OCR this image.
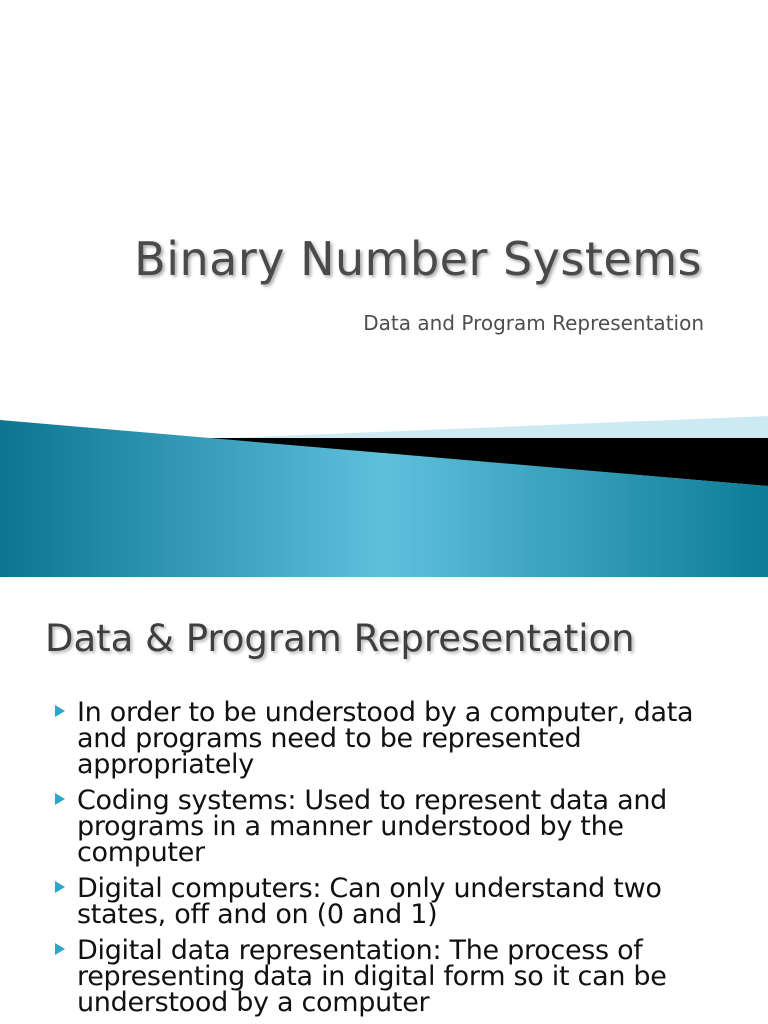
Binary Number Systems

Data and Program Representation

Data & Program Representation
In order to be understood by a computer, data and programs need to be represented appropriately
Coding systems: Used to represent data and programs in a manner understood by the computer
Digital computers: Can only understand two states, off and on (0 and 1)
Digital data representation: The process of representing data in digital form so it can be understood by a computer
